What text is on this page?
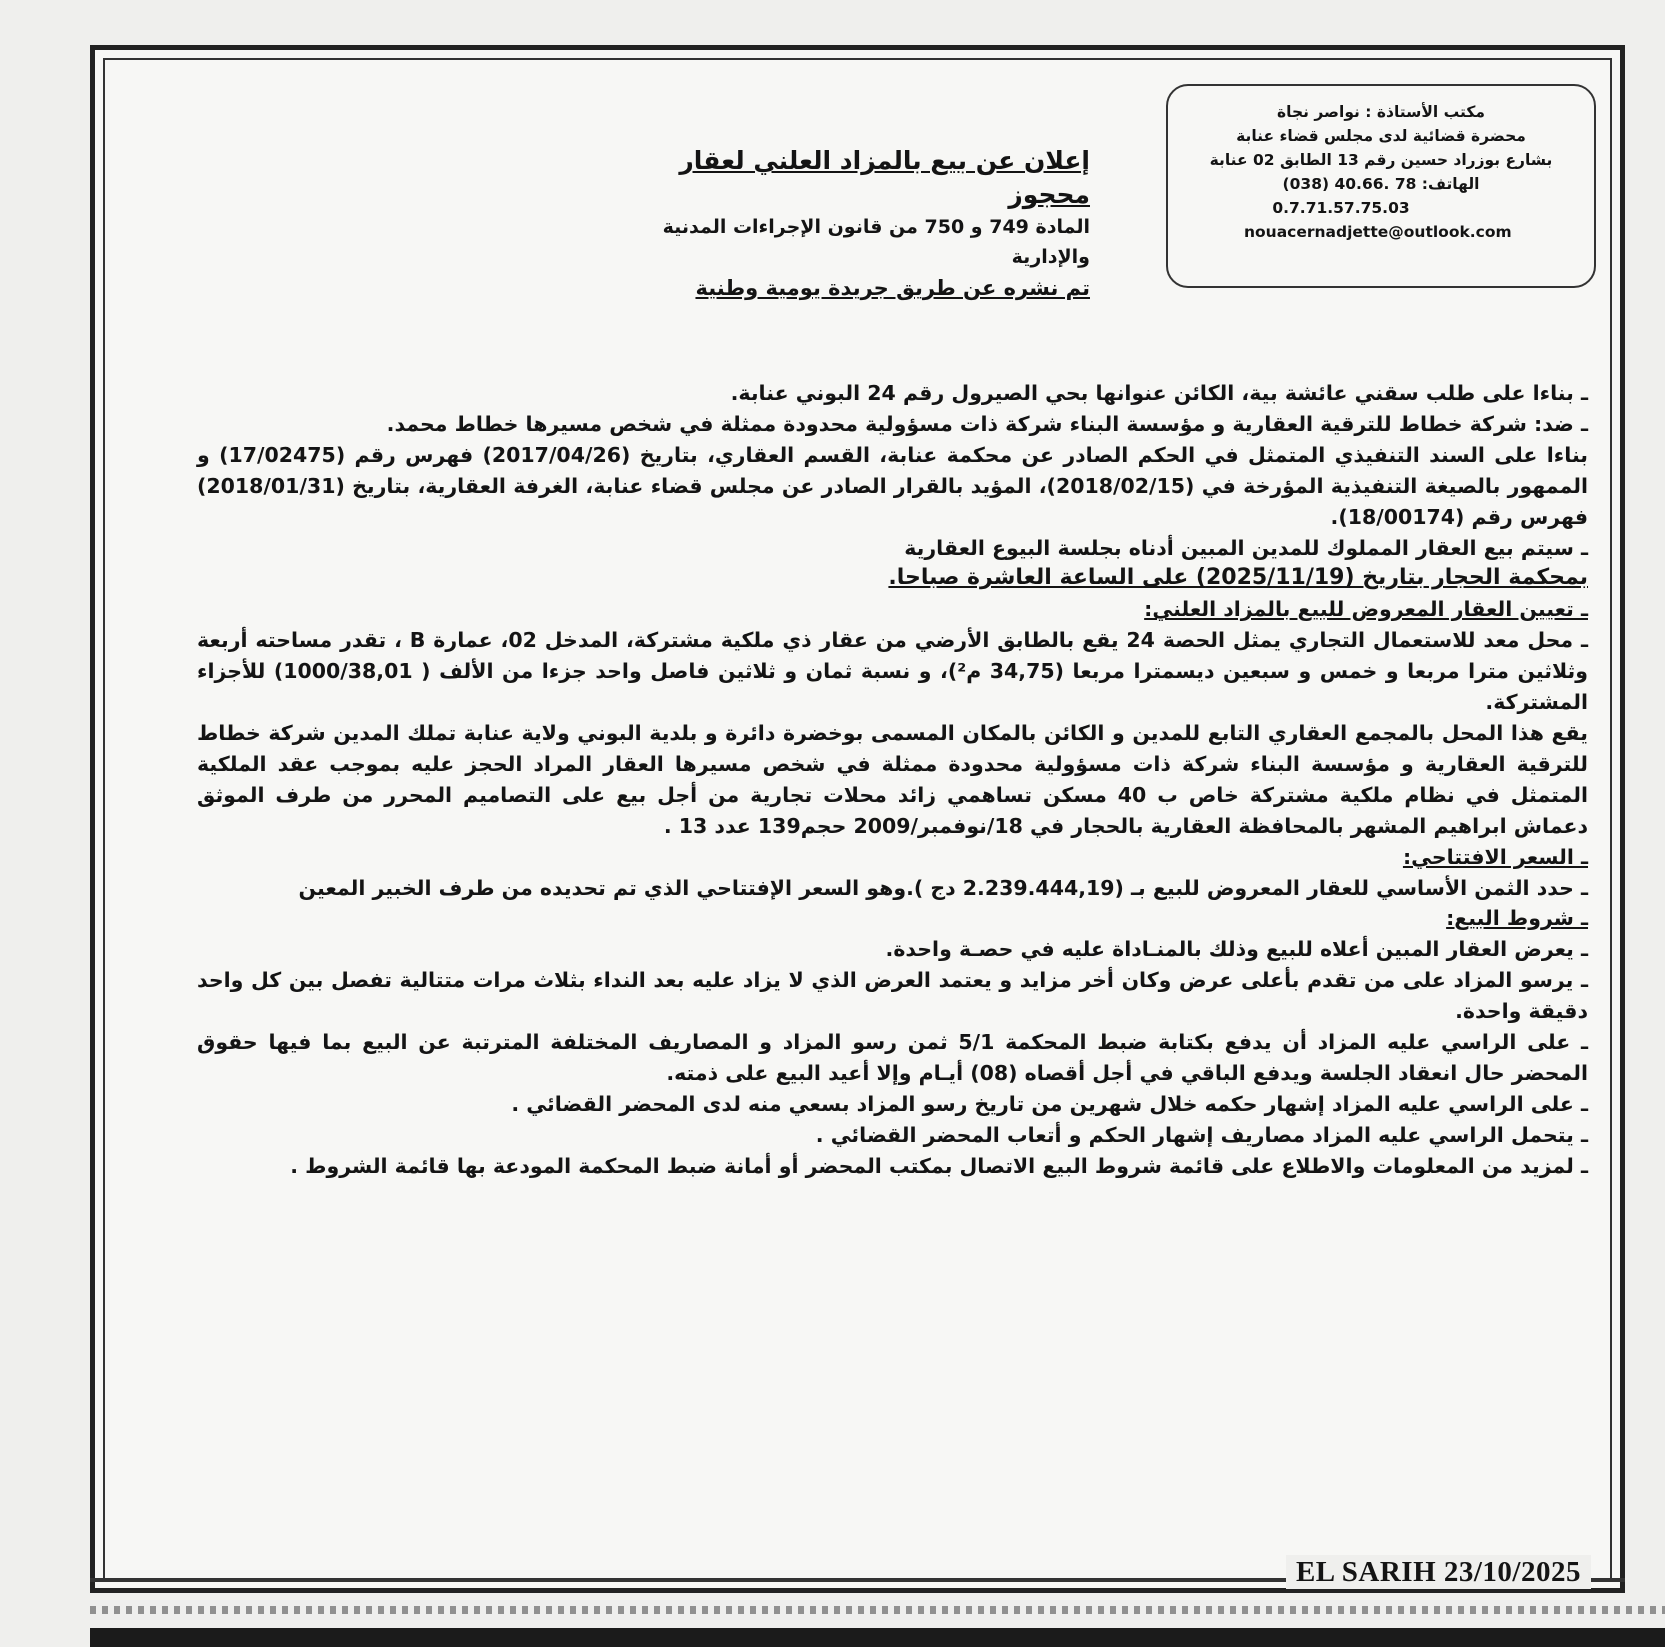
مكتب الأستاذة : نواصر نجاة
محضرة قضائية لدى مجلس قضاء عنابة
بشارع بوزراد حسين رقم 13 الطابق 02 عنابة
الهاتف: 78 .40.66 (038)
0.7.71.57.75.03
nouacernadjette@outlook.com
إعلان عن بيع بالمزاد العلني لعقار محجوز
المادة 749 و 750 من قانون الإجراءات المدنية والإدارية
تم نشره عن طريق جريدة يومية وطنية

ـ بناءا على طلب سقني عائشة بية، الكائن عنوانها بحي الصيرول رقم 24 البوني عنابة.

ـ ضد: شركة خطاط للترقية العقارية و مؤسسة البناء شركة ذات مسؤولية محدودة ممثلة في شخص مسيرها خطاط محمد.

بناءا على السند التنفيذي المتمثل في الحكم الصادر عن محكمة عنابة، القسم العقاري، بتاريخ (2017/04/26) فهرس رقم (17/02475) و الممهور بالصيغة التنفيذية المؤرخة في (2018/02/15)، المؤيد بالقرار الصادر عن مجلس قضاء عنابة، الغرفة العقارية، بتاريخ (2018/01/31) فهرس رقم (18/00174).

ـ سيتم بيع العقار المملوك للمدين المبين أدناه بجلسة البيوع العقارية

بمحكمة الحجار بتاريخ (2025/11/19) على الساعة العاشرة صباحا.

ـ تعيين العقار المعروض للبيع بالمزاد العلني:

ـ محل معد للاستعمال التجاري يمثل الحصة 24 يقع بالطابق الأرضي من عقار ذي ملكية مشتركة، المدخل 02، عمارة B ، تقدر مساحته أربعة وثلاثين مترا مربعا و خمس و سبعين ديسمترا مربعا (34,75 م²)، و نسبة ثمان و ثلاثين فاصل واحد جزءا من الألف ( 1000/38,01) للأجزاء المشتركة.

يقع هذا المحل بالمجمع العقاري التابع للمدين و الكائن بالمكان المسمى بوخضرة دائرة و بلدية البوني ولاية عنابة تملك المدين شركة خطاط للترقية العقارية و مؤسسة البناء شركة ذات مسؤولية محدودة ممثلة في شخص مسيرها العقار المراد الحجز عليه بموجب عقد الملكية المتمثل في نظام ملكية مشتركة خاص ب 40 مسكن تساهمي زائد محلات تجارية من أجل بيع على التصاميم المحرر من طرف الموثق دعماش ابراهيم المشهر بالمحافظة العقارية بالحجار في 18/نوفمبر/2009 حجم139 عدد 13 .

ـ السعر الافتتاحي:

ـ حدد الثمن الأساسي للعقار المعروض للبيع بـ (2.239.444,19 دج ).وهو السعر الإفتتاحي الذي تم تحديده من طرف الخبير المعين

ـ شروط البيع:

ـ يعرض العقار المبين أعلاه للبيع وذلك بالمنـاداة عليه في حصـة واحدة.

ـ يرسو المزاد على من تقدم بأعلى عرض وكان أخر مزايد و يعتمد العرض الذي لا يزاد عليه بعد النداء بثلاث مرات متتالية تفصل بين كل واحد دقيقة واحدة.

ـ على الراسي عليه المزاد أن يدفع بكتابة ضبط المحكمة 5/1 ثمن رسو المزاد و المصاريف المختلفة المترتبة عن البيع بما فيها حقوق المحضر حال انعقاد الجلسة ويدفع الباقي في أجل أقصاه (08) أيـام وإلا أعيد البيع على ذمته.

ـ على الراسي عليه المزاد إشهار حكمه خلال شهرين من تاريخ رسو المزاد بسعي منه لدى المحضر القضائي .

ـ يتحمل الراسي عليه المزاد مصاريف إشهار الحكم و أتعاب المحضر القضائي .

ـ لمزيد من المعلومات والاطلاع على قائمة شروط البيع الاتصال بمكتب المحضر أو أمانة ضبط المحكمة المودعة بها قائمة الشروط .

EL SARIH 23/10/2025
